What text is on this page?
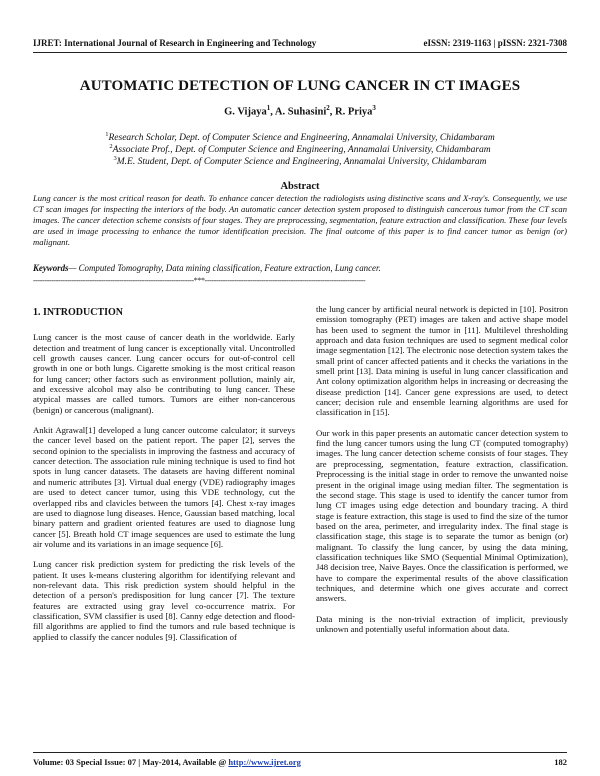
IJRET: International Journal of Research in Engineering and Technology	eISSN: 2319-1163 | pISSN: 2321-7308
AUTOMATIC DETECTION OF LUNG CANCER IN CT IMAGES
G. Vijaya$^1$, A. Suhasini$^2$, R. Priya$^3$
$^1$Research Scholar, Dept. of Computer Science and Engineering, Annamalai University, Chidambaram
$^2$Associate Prof., Dept. of Computer Science and Engineering, Annamalai University, Chidambaram
$^3$M.E. Student, Dept. of Computer Science and Engineering, Annamalai University, Chidambaram
Abstract
Lung cancer is the most critical reason for death. To enhance cancer detection the radiologists using distinctive scans and X-ray's. Consequently, we use CT scan images for inspecting the interiors of the body. An automatic cancer detection system proposed to distinguish cancerous tumor from the CT scan images. The cancer detection scheme consists of four stages. They are preprocessing, segmentation, feature extraction and classification. These four levels are used in image processing to enhance the tumor identification precision. The final outcome of this paper is to find cancer tumor as benign (or) malignant.
Keywords— Computed Tomography, Data mining classification, Feature extraction, Lung cancer.
-----------------------------------------------------------------------***-----------------------------------------------------------------------
1. INTRODUCTION

Lung cancer is the most cause of cancer death in the worldwide. Early detection and treatment of lung cancer is exceptionally vital. Uncontrolled cell growth causes cancer. Lung cancer occurs for out-of-control cell growth in one or both lungs. Cigarette smoking is the most critical reason for lung cancer; other factors such as environment pollution, mainly air, and excessive alcohol may also be contributing to lung cancer. These atypical masses are called tumors. Tumors are either non-cancerous (benign) or cancerous (malignant).

Ankit Agrawal[1] developed a lung cancer outcome calculator; it surveys the cancer level based on the patient report. The paper [2], serves the second opinion to the specialists in improving the fastness and accuracy of cancer detection. The association rule mining technique is used to find hot spots in lung cancer datasets. The datasets are having different nominal and numeric attributes [3]. Virtual dual energy (VDE) radiography images are used to detect cancer tumor, using this VDE technology, cut the overlapped ribs and clavicles between the tumors [4]. Chest x-ray images are used to diagnose lung diseases. Hence, Gaussian based matching, local binary pattern and gradient oriented features are used to diagnose lung cancer [5]. Breath hold CT image sequences are used to estimate the lung air volume and its variations in an image sequence [6].

Lung cancer risk prediction system for predicting the risk levels of the patient. It uses k-means clustering algorithm for identifying relevant and non-relevant data. This risk prediction system should helpful in the detection of a person's predisposition for lung cancer [7]. The texture features are extracted using gray level co-occurrence matrix. For classification, SVM classifier is used [8]. Canny edge detection and flood-fill algorithms are applied to find the tumors and rule based technique is applied to classify the cancer nodules [9]. Classification of

the lung cancer by artificial neural network is depicted in [10]. Positron emission tomography (PET) images are taken and active shape model has been used to segment the tumor in [11]. Multilevel thresholding approach and data fusion techniques are used to segment medical color image segmentation [12]. The electronic nose detection system takes the small print of cancer affected patients and it checks the variations in the smell print [13]. Data mining is useful in lung cancer classification and Ant colony optimization algorithm helps in increasing or decreasing the disease prediction [14]. Cancer gene expressions are used, to detect cancer; decision rule and ensemble learning algorithms are used for classification in [15].

Our work in this paper presents an automatic cancer detection system to find the lung cancer tumors using the lung CT (computed tomography) images. The lung cancer detection scheme consists of four stages. They are preprocessing, segmentation, feature extraction, classification. Preprocessing is the initial stage in order to remove the unwanted noise present in the original image using median filter. The segmentation is the second stage. This stage is used to identify the cancer tumor from lung CT images using edge detection and boundary tracing. A third stage is feature extraction, this stage is used to find the size of the tumor based on the area, perimeter, and irregularity index. The final stage is classification stage, this stage is to separate the tumor as benign (or) malignant. To classify the lung cancer, by using the data mining, classification techniques like SMO (Sequential Minimal Optimization), J48 decision tree, Naive Bayes. Once the classification is performed, we have to compare the experimental results of the above classification techniques, and determine which one gives accurate and correct answers.

Data mining is the non-trivial extraction of implicit, previously unknown and potentially useful information about data.

Volume: 03 Special Issue: 07 | May-2014, Available @ http://www.ijret.org	182
